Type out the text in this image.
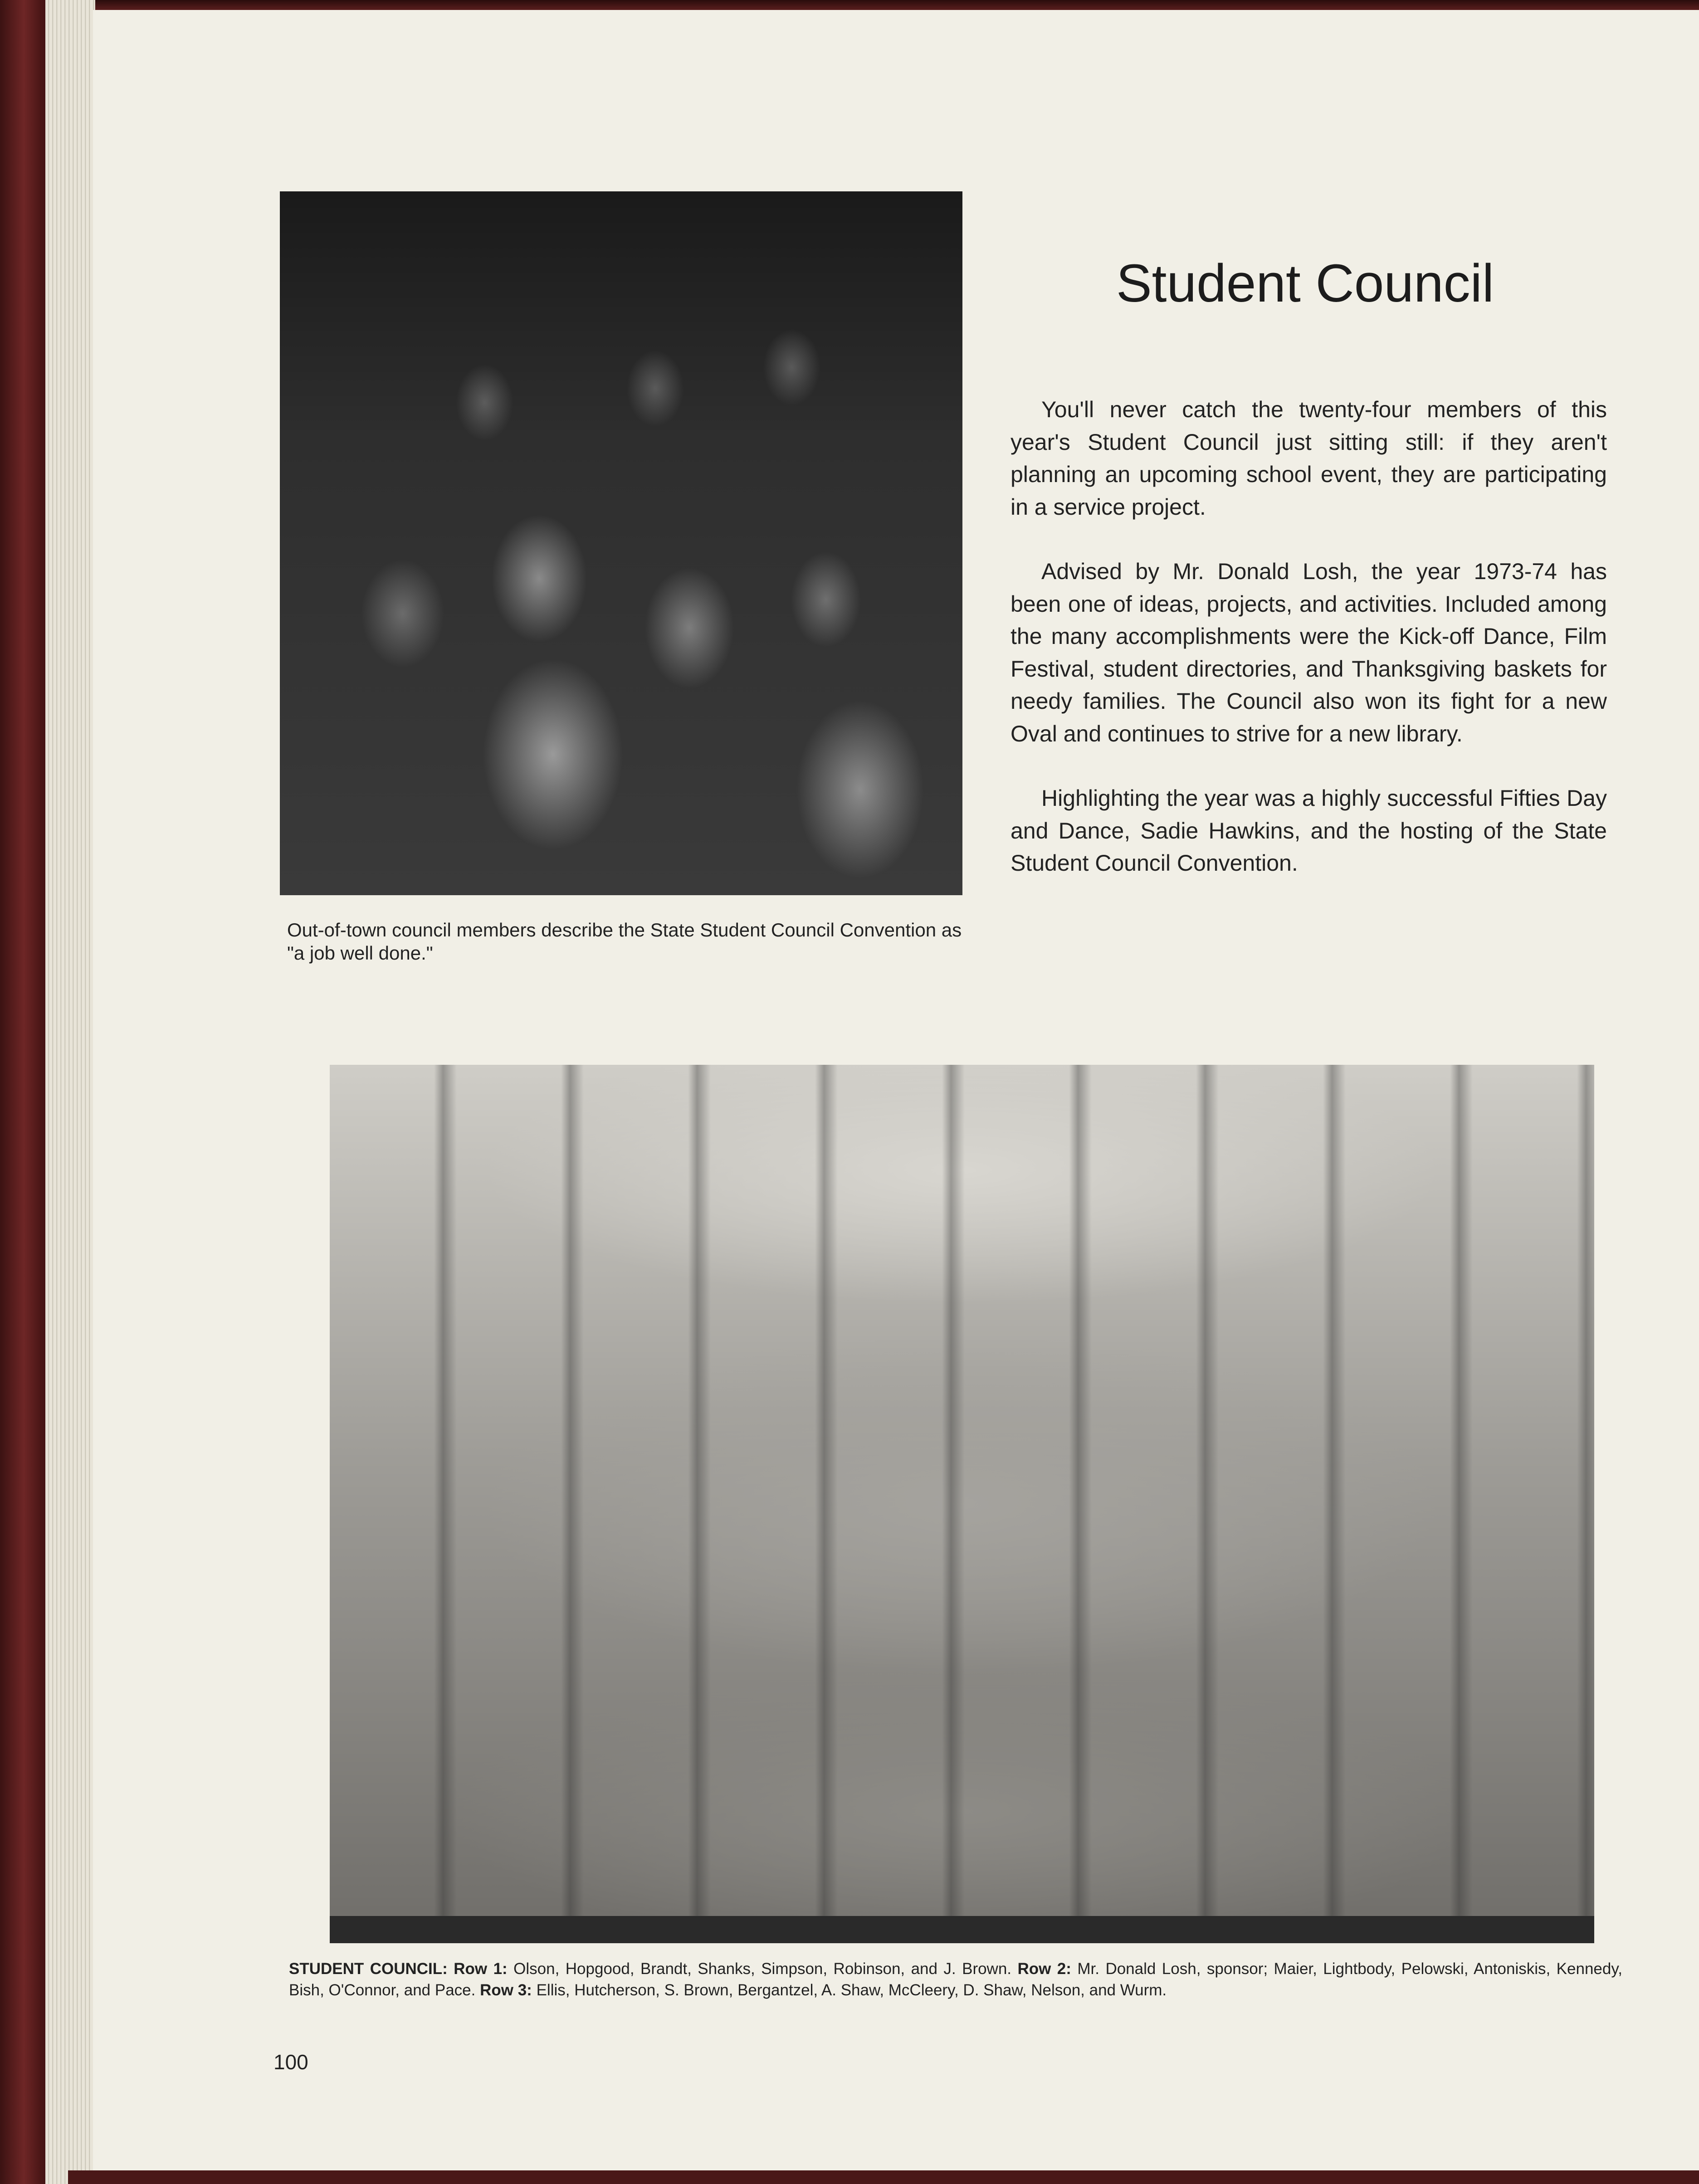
Student Council

You'll never catch the twenty-four members of this year's Student Council just sitting still: if they aren't planning an upcoming school event, they are participating in a service project.

Advised by Mr. Donald Losh, the year 1973-74 has been one of ideas, projects, and activities. Included among the many accomplishments were the Kick-off Dance, Film Festival, student directories, and Thanksgiving baskets for needy families. The Council also won its fight for a new Oval and continues to strive for a new library.

Highlighting the year was a highly successful Fifties Day and Dance, Sadie Hawkins, and the hosting of the State Student Council Convention.

Out-of-town council members describe the State Student Council Convention as "a job well done."
STUDENT COUNCIL: Row 1: Olson, Hopgood, Brandt, Shanks, Simpson, Robinson, and J. Brown. Row 2: Mr. Donald Losh, sponsor; Maier, Lightbody, Pelowski, Antoniskis, Kennedy, Bish, O'Connor, and Pace. Row 3: Ellis, Hutcherson, S. Brown, Bergantzel, A. Shaw, McCleery, D. Shaw, Nelson, and Wurm.
100
